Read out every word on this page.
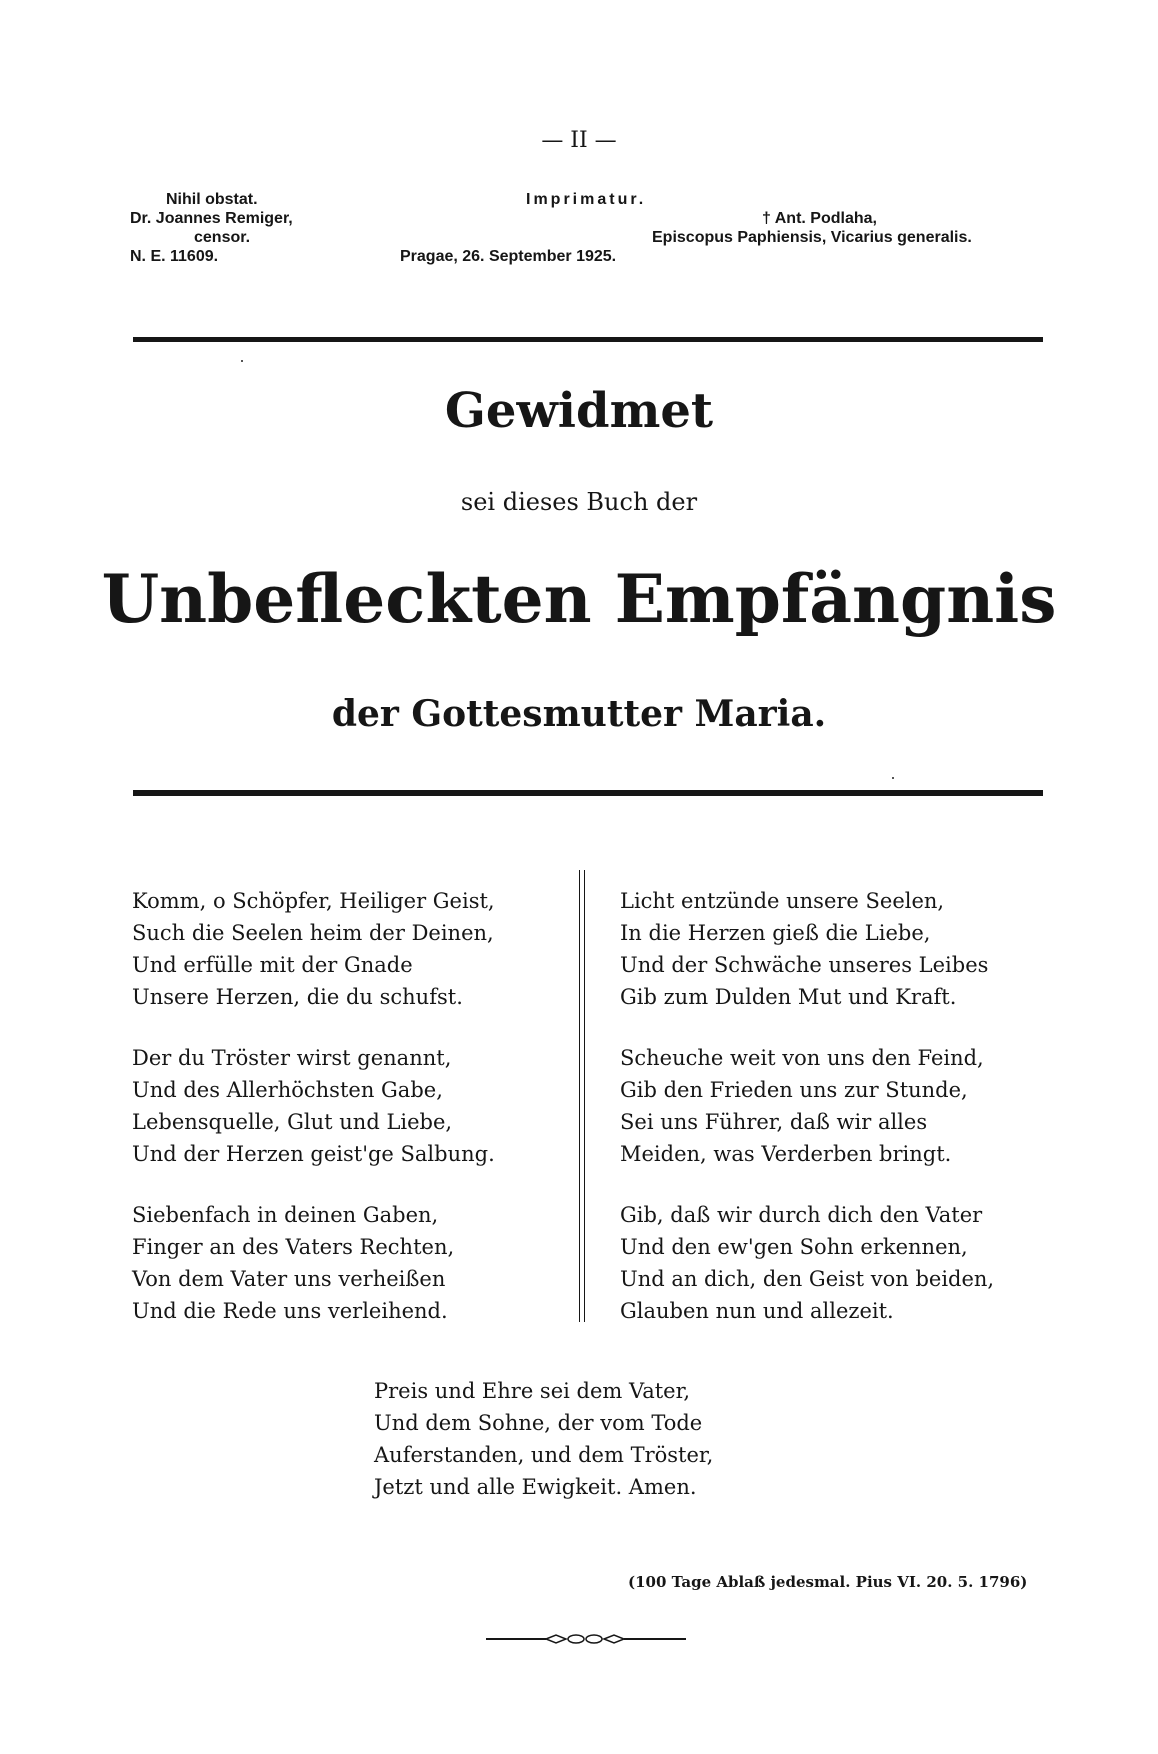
— II —
Nihil obstat.
Dr. Joannes Remiger,
censor.
N. E. 11609.
Imprimatur.
Pragae, 26. September 1925.
† Ant. Podlaha,
Episcopus Paphiensis, Vicarius generalis.
Gewidmet
sei dieses Buch der
Unbefleckten Empfängnis
der Gottesmutter Maria.
Komm, o Schöpfer, Heiliger Geist,
Such die Seelen heim der Deinen,
Und erfülle mit der Gnade
Unsere Herzen, die du schufst.
Der du Tröster wirst genannt,
Und des Allerhöchsten Gabe,
Lebensquelle, Glut und Liebe,
Und der Herzen geist'ge Salbung.
Siebenfach in deinen Gaben,
Finger an des Vaters Rechten,
Von dem Vater uns verheißen
Und die Rede uns verleihend.
Licht entzünde unsere Seelen,
In die Herzen gieß die Liebe,
Und der Schwäche unseres Leibes
Gib zum Dulden Mut und Kraft.
Scheuche weit von uns den Feind,
Gib den Frieden uns zur Stunde,
Sei uns Führer, daß wir alles
Meiden, was Verderben bringt.
Gib, daß wir durch dich den Vater
Und den ew'gen Sohn erkennen,
Und an dich, den Geist von beiden,
Glauben nun und allezeit.
Preis und Ehre sei dem Vater,
Und dem Sohne, der vom Tode
Auferstanden, und dem Tröster,
Jetzt und alle Ewigkeit. Amen.
(100 Tage Ablaß jedesmal. Pius VI. 20. 5. 1796)
